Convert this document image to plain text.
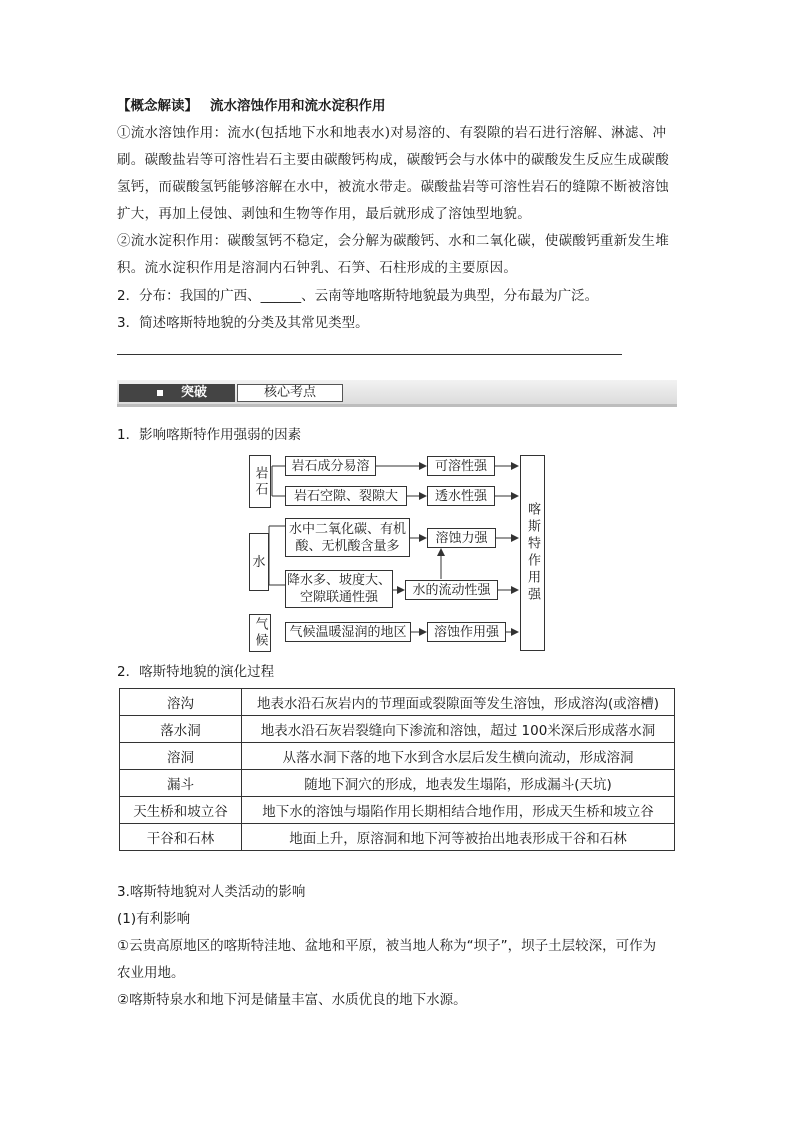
【概念解读】 流水溶蚀作用和流水淀积作用
①流水溶蚀作用：流水(包括地下水和地表水)对易溶的、有裂隙的岩石进行溶解、淋滤、冲
刷。碳酸盐岩等可溶性岩石主要由碳酸钙构成，碳酸钙会与水体中的碳酸发生反应生成碳酸
氢钙，而碳酸氢钙能够溶解在水中，被流水带走。碳酸盐岩等可溶性岩石的缝隙不断被溶蚀
扩大，再加上侵蚀、剥蚀和生物等作用，最后就形成了溶蚀型地貌。
②流水淀积作用：碳酸氢钙不稳定，会分解为碳酸钙、水和二氧化碳，使碳酸钙重新发生堆
积。流水淀积作用是溶洞内石钟乳、石笋、石柱形成的主要原因。
2．分布：我国的广西、______、云南等地喀斯特地貌最为典型，分布最为广泛。
3．简述喀斯特地貌的分类及其常见类型。
突破	核心考点
1．影响喀斯特作用强弱的因素
岩石
水
气候
岩石成分易溶
岩石空隙、裂隙大
水中二氧化碳、有机
酸、无机酸含量多
降水多、坡度大、
空隙联通性强
气候温暖湿润的地区
可溶性强
透水性强
溶蚀力强
水的流动性强
溶蚀作用强
喀斯特作用强
2．喀斯特地貌的演化过程
溶沟	地表水沿石灰岩内的节理面或裂隙面等发生溶蚀，形成溶沟(或溶槽)
落水洞	地表水沿石灰岩裂缝向下渗流和溶蚀，超过 100米深后形成落水洞
溶洞	从落水洞下落的地下水到含水层后发生横向流动，形成溶洞
漏斗	随地下洞穴的形成，地表发生塌陷，形成漏斗(天坑)
天生桥和坡立谷	地下水的溶蚀与塌陷作用长期相结合地作用，形成天生桥和坡立谷
干谷和石林	地面上升，原溶洞和地下河等被抬出地表形成干谷和石林
3.喀斯特地貌对人类活动的影响
(1)有利影响
①云贵高原地区的喀斯特洼地、盆地和平原，被当地人称为“坝子”，坝子土层较深，可作为
农业用地。
②喀斯特泉水和地下河是储量丰富、水质优良的地下水源。
